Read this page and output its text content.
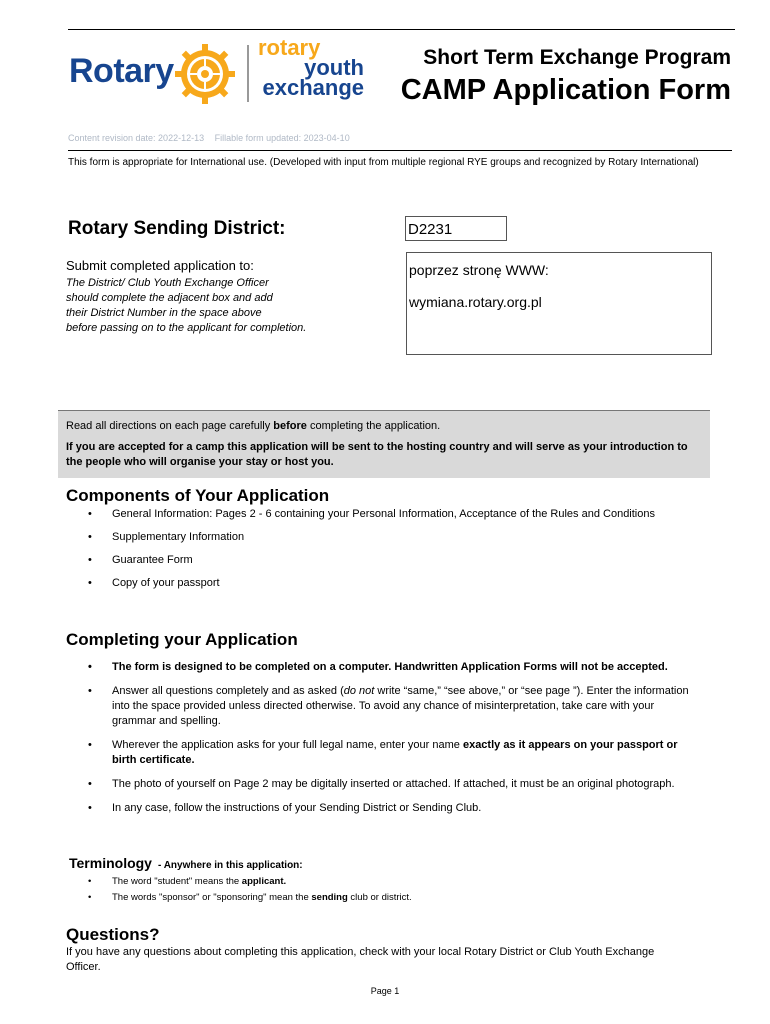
Rotary
rotary
youth
exchange
Short Term Exchange Program
CAMP Application Form
Content revision date: 2022-12-13 Fillable form updated: 2023-04-10
This form is appropriate for International use. (Developed with input from multiple regional RYE groups and recognized by Rotary International)
Rotary Sending District:	D2231
Submit completed application to:
The District/ Club Youth Exchange Officer
should complete the adjacent box and add
their District Number in the space above
before passing on to the applicant for completion.
poprzez stronę WWW:
wymiana.rotary.org.pl
Read all directions on each page carefully before completing the application.
If you are accepted for a camp this application will be sent to the hosting country and will serve as your introduction to the people who will organise your stay or host you.
Components of Your Application
• General Information: Pages 2 - 6 containing your Personal Information, Acceptance of the Rules and Conditions
• Supplementary Information
• Guarantee Form
• Copy of your passport
Completing your Application
• The form is designed to be completed on a computer. Handwritten Application Forms will not be accepted.
• Answer all questions completely and as asked (do not write “same,” “see above,” or “see page ”). Enter the information into the space provided unless directed otherwise. To avoid any chance of misinterpretation, take care with your grammar and spelling.
• Wherever the application asks for your full legal name, enter your name exactly as it appears on your passport or birth certificate.
• The photo of yourself on Page 2 may be digitally inserted or attached. If attached, it must be an original photograph.
• In any case, follow the instructions of your Sending District or Sending Club.
Terminology - Anywhere in this application:
• The word "student" means the applicant.
• The words "sponsor" or "sponsoring" mean the sending club or district.
Questions?
If you have any questions about completing this application, check with your local Rotary District or Club Youth Exchange Officer.
Page 1
